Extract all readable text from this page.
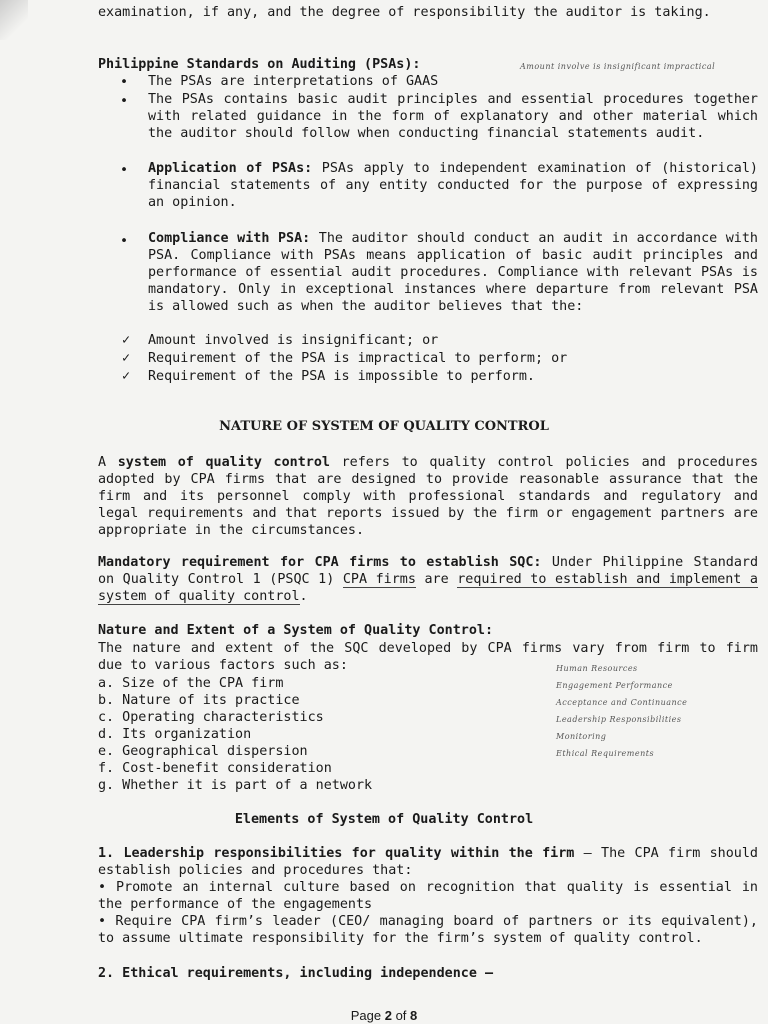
examination, if any, and the degree of responsibility the auditor is taking.
Philippine Standards on Auditing (PSAs):	Amount involve is insignificant impractical
•	The PSAs are interpretations of GAAS
•	The PSAs contains basic audit principles and essential procedures together with related guidance in the form of explanatory and other material which the auditor should follow when conducting financial statements audit.
•	Application of PSAs: PSAs apply to independent examination of (historical) financial statements of any entity conducted for the purpose of expressing an opinion.
•	Compliance with PSA: The auditor should conduct an audit in accordance with PSA. Compliance with PSAs means application of basic audit principles and performance of essential audit procedures. Compliance with relevant PSAs is mandatory. Only in exceptional instances where departure from relevant PSA is allowed such as when the auditor believes that the:
✓ Amount involved is insignificant; or
✓ Requirement of the PSA is impractical to perform; or
✓ Requirement of the PSA is impossible to perform.
NATURE OF SYSTEM OF QUALITY CONTROL
A system of quality control refers to quality control policies and procedures adopted by CPA firms that are designed to provide reasonable assurance that the firm and its personnel comply with professional standards and regulatory and legal requirements and that reports issued by the firm or engagement partners are appropriate in the circumstances.
Mandatory requirement for CPA firms to establish SQC: Under Philippine Standard on Quality Control 1 (PSQC 1) CPA firms are required to establish and implement a system of quality control.
Nature and Extent of a System of Quality Control:
The nature and extent of the SQC developed by CPA firms vary from firm to firm due to various factors such as:
a. Size of the CPA firm
b. Nature of its practice
c. Operating characteristics
d. Its organization
e. Geographical dispersion
f. Cost-benefit consideration
g. Whether it is part of a network
Human Resources
Engagement Performance
Acceptance and Continuance
Leadership Responsibilities
Monitoring
Ethical Requirements
Elements of System of Quality Control
1. Leadership responsibilities for quality within the firm – The CPA firm should establish policies and procedures that:
• Promote an internal culture based on recognition that quality is essential in the performance of the engagements
• Require CPA firm’s leader (CEO/ managing board of partners or its equivalent), to assume ultimate responsibility for the firm’s system of quality control.
2. Ethical requirements, including independence –
Page 2 of 8
